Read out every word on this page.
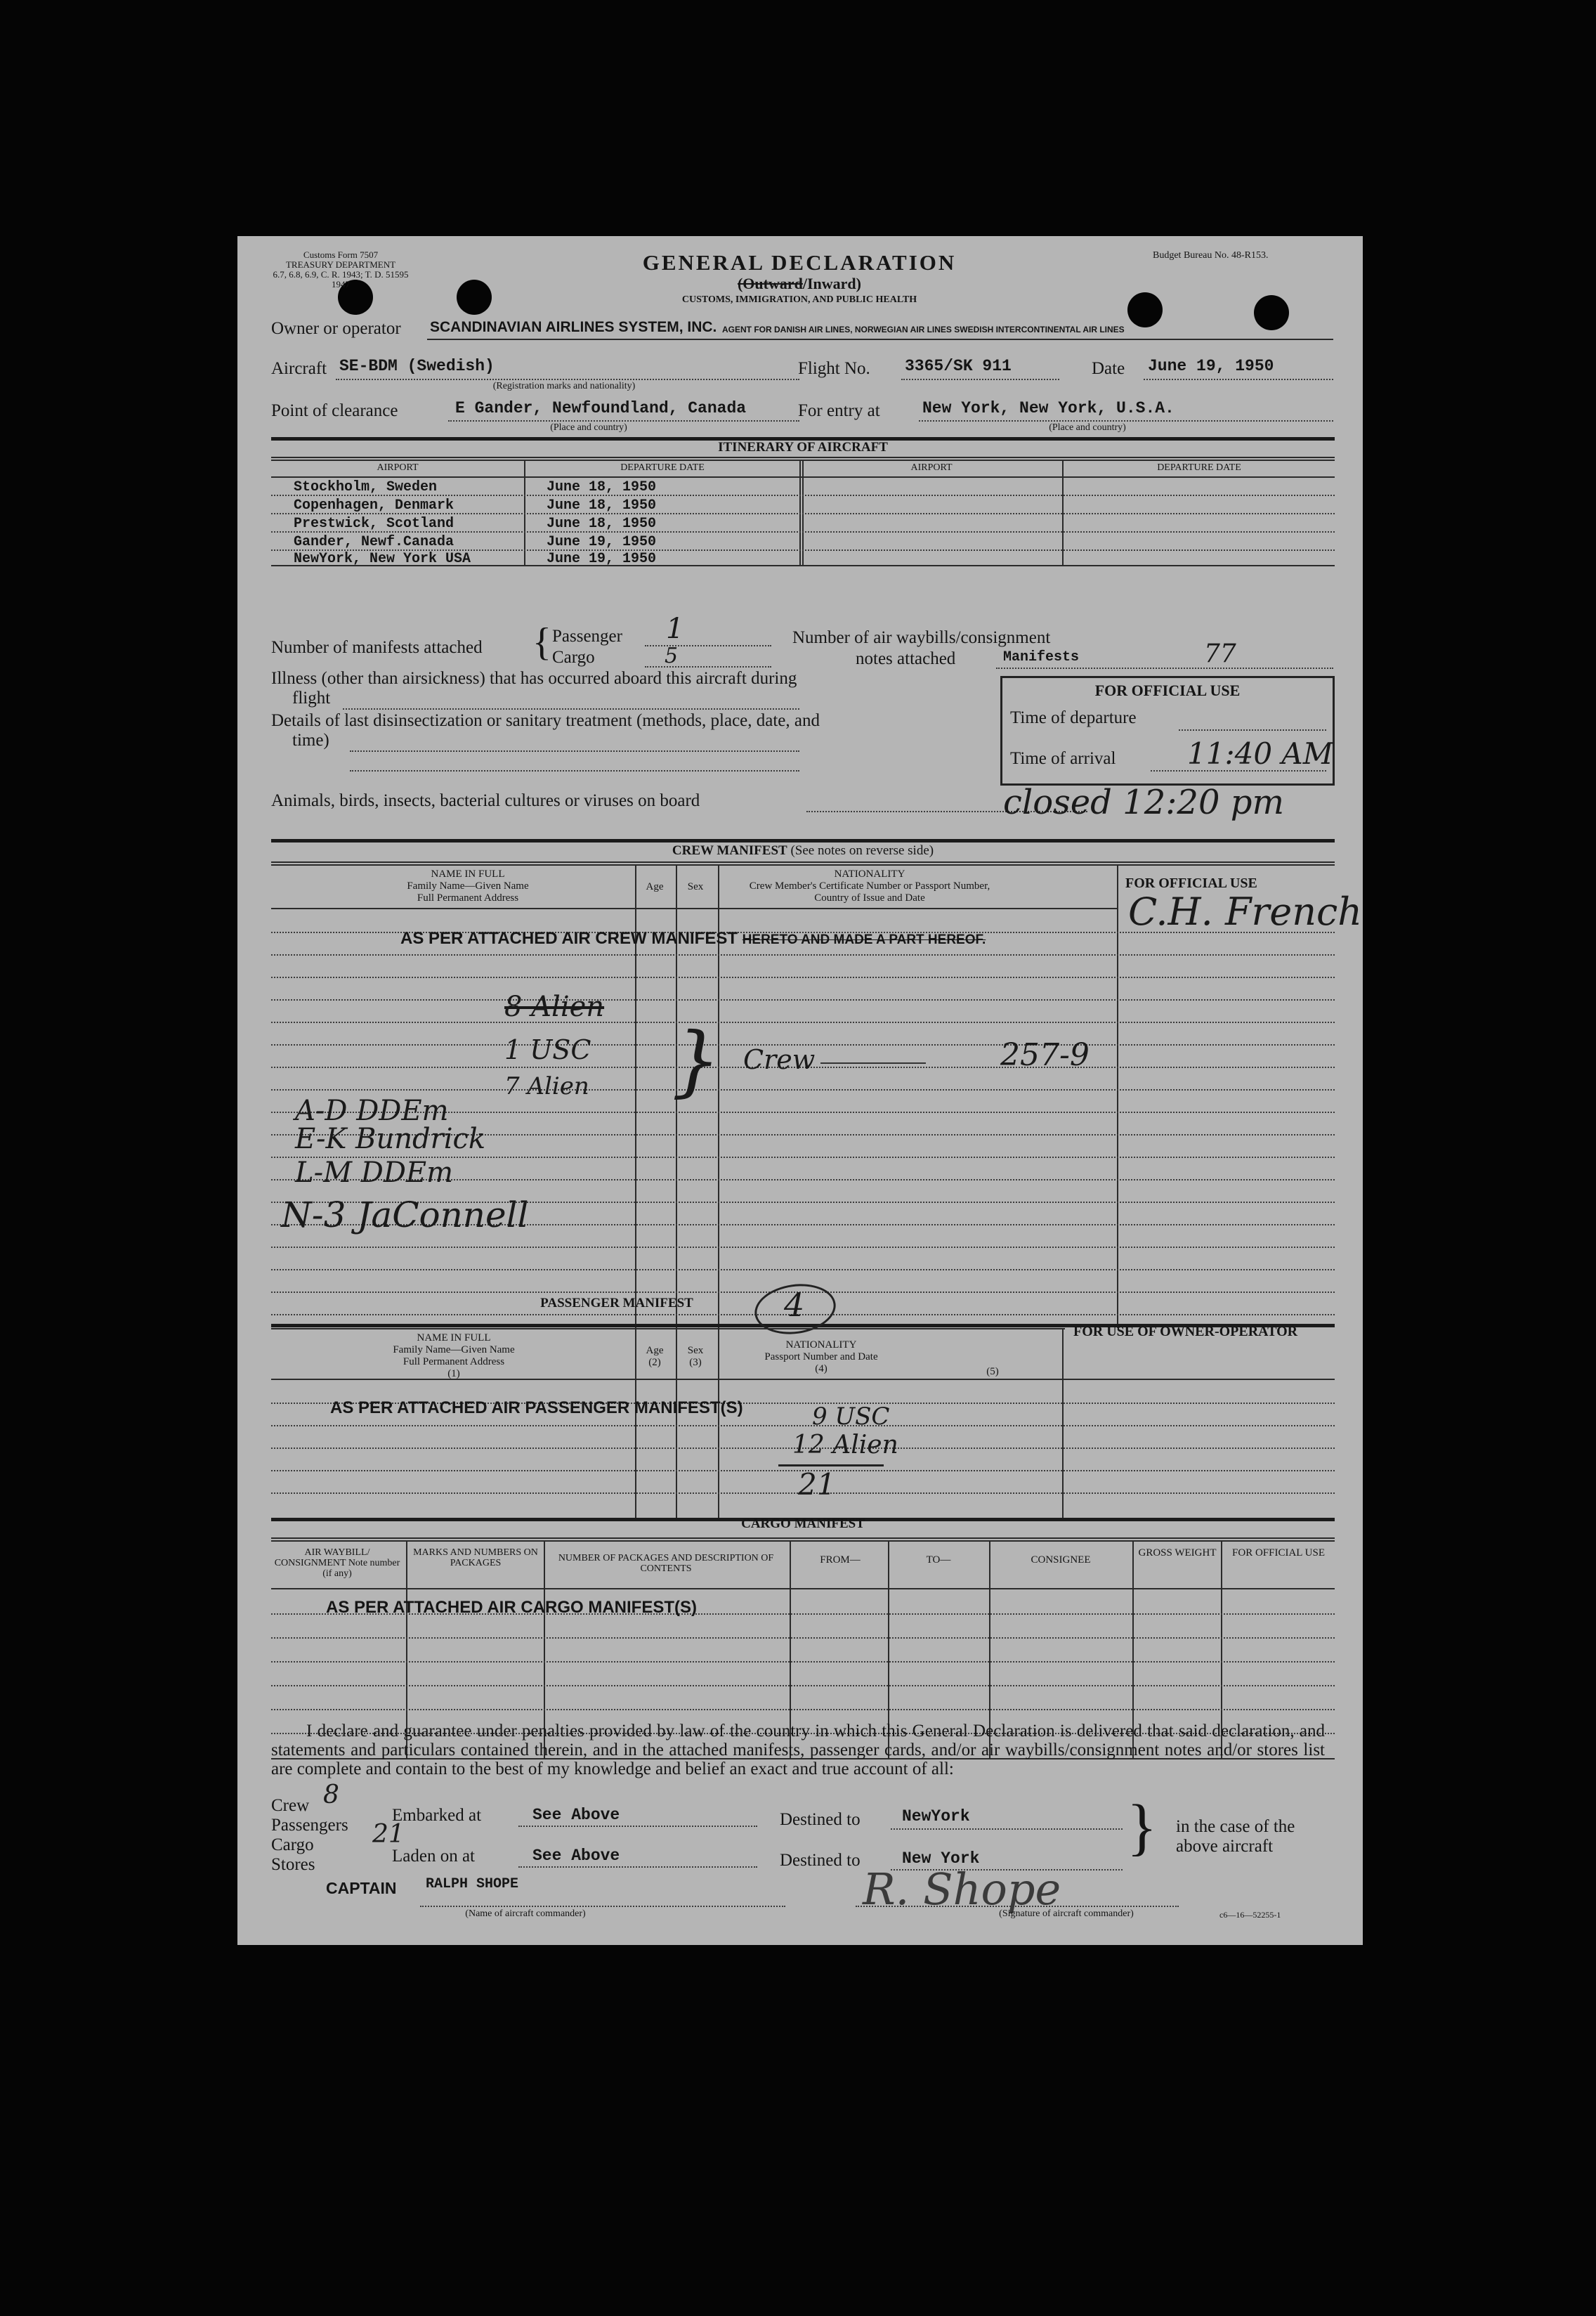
Customs Form 7507
TREASURY DEPARTMENT
6.7, 6.8, 6.9, C. R. 1943; T. D. 51595
1947
GENERAL DECLARATION
(Outward/Inward)
CUSTOMS, IMMIGRATION, AND PUBLIC HEALTH
Budget Bureau No. 48-R153.
Owner or operator SCANDINAVIAN AIRLINES SYSTEM, INC. AGENT FOR DANISH AIR LINES, NORWEGIAN AIR LINES SWEDISH INTERCONTINENTAL AIR LINES
Aircraft SE-BDM (Swedish)
(Registration marks and nationality)
Flight No. 3365/SK 911	Date June 19, 1950
Point of clearance	E Gander, Newfoundland, Canada
(Place and country)
For entry at	New York, New York, U.S.A.
(Place and country)
ITINERARY OF AIRCRAFT
AIRPORT	DEPARTURE DATE	AIRPORT	DEPARTURE DATE
Stockholm, Sweden	June 18, 1950
Copenhagen, Denmark	June 18, 1950
Prestwick, Scotland	June 18, 1950
Gander, Newf.Canada	June 19, 1950
NewYork, New York USA	June 19, 1950
Number of manifests attached { Passenger 1
Cargo	5
Number of air waybills/consignment
notes attached	Manifests	77
Illness (other than airsickness) that has occurred aboard this aircraft during
flight
Details of last disinsectization or sanitary treatment (methods, place, date, and
time)
FOR OFFICIAL USE
Time of departure
Time of arrival 11:40 AM
Animals, birds, insects, bacterial cultures or viruses on board	closed 12:20 pm
CREW MANIFEST (See notes on reverse side)
NAME IN FULL
Family Name—Given Name
Full Permanent Address
Age	Sex
NATIONALITY
Crew Member's Certificate Number or Passport Number,
Country of Issue and Date
FOR OFFICIAL USE
AS PER ATTACHED AIR CREW MANIFEST HERETO AND MADE A PART HEREOF.
C.H. French
8 Alien
1 USC
7 Alien } Crew	257-9
A-D DDEm
E-K Bundrick
L-M DDEm
N-3 JaConnell
PASSENGER MANIFEST	4
NAME IN FULL
Family Name—Given Name
Full Permanent Address
(1)
Age
(2)
Sex
(3)
NATIONALITY
Passport Number and Date
(4)	(5)
FOR USE OF OWNER-OPERATOR
AS PER ATTACHED AIR PASSENGER MANIFEST(S)	9 USC
12 Alien
21
CARGO MANIFEST
AIR WAYBILL/ CONSIGNMENT Note number (if any)
MARKS AND NUMBERS ON PACKAGES	NUMBER OF PACKAGES AND DESCRIPTION OF CONTENTS
FROM—	TO—	CONSIGNEE
GROSS WEIGHT	FOR OFFICIAL USE
AS PER ATTACHED AIR CARGO MANIFEST(S)
I declare and guarantee under penalties provided by law of the country in which this General Declaration is delivered that said declaration, and statements and particulars contained therein, and in the attached manifests, passenger cards, and/or air waybills/consignment notes and/or stores list are complete and contain to the best of my knowledge and belief an exact and true account of all:
Crew 8
Passengers 21
Cargo
Stores
Embarked at	See Above
Laden on at	See Above
Destined to	NewYork
Destined to	New York } in the case of the
above aircraft
CAPTAIN RALPH SHOPE
(Name of aircraft commander)	R. Shope
(Signature of aircraft commander)	c6—16—52255-1
